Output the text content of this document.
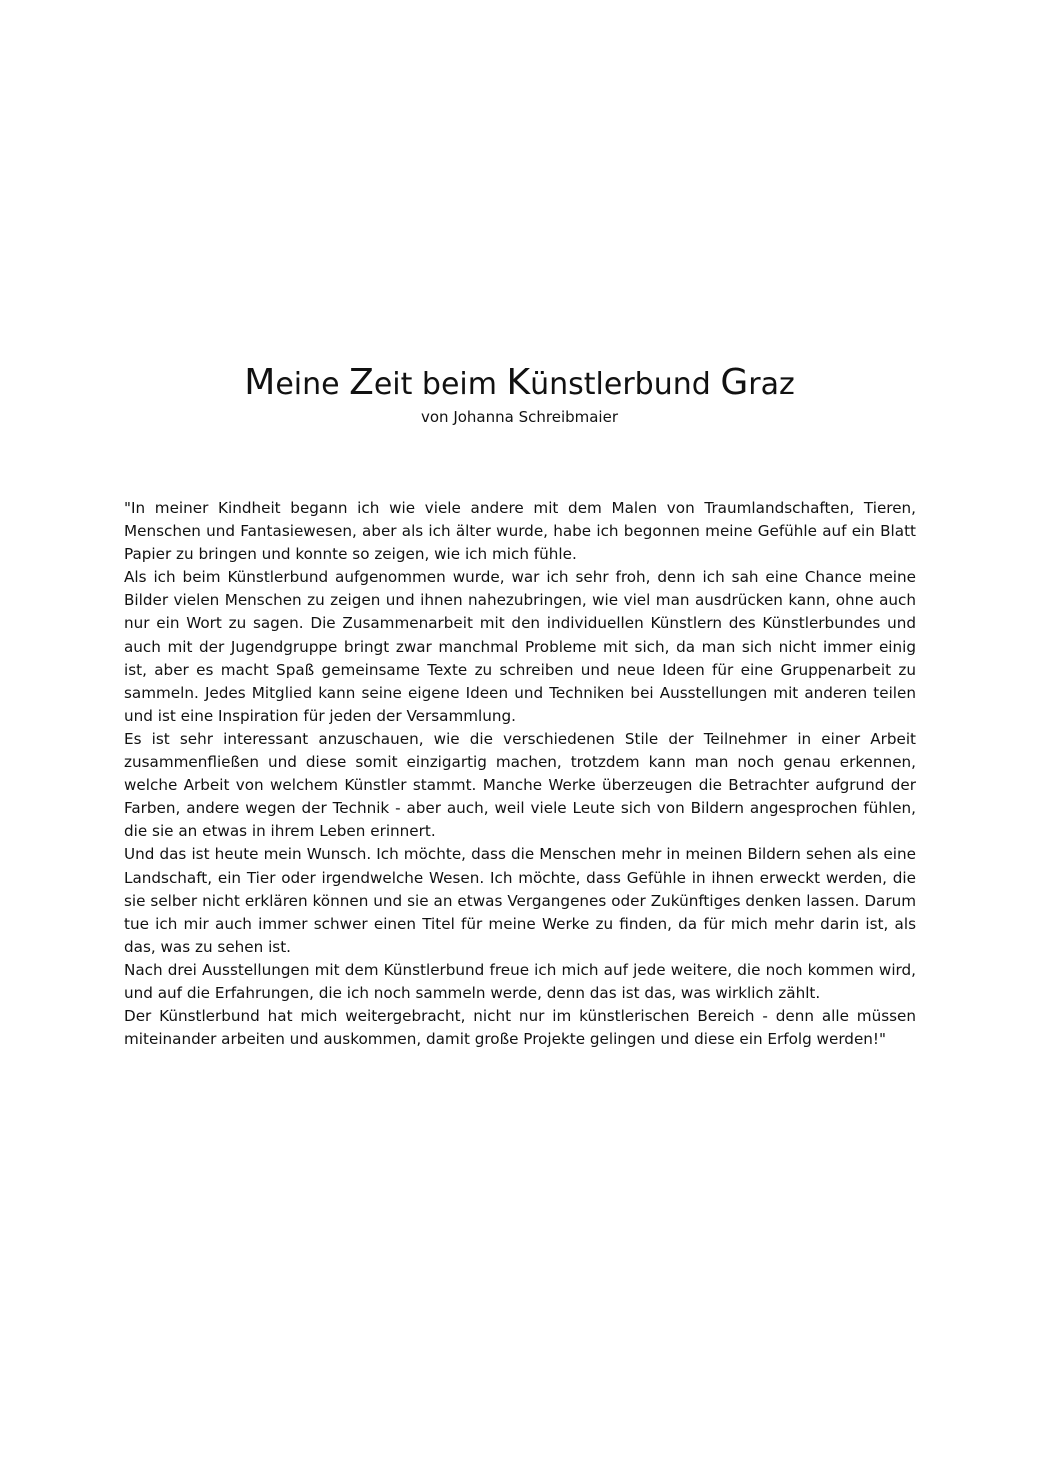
Meine Zeit beim Künstlerbund Graz
von Johanna Schreibmaier

"In meiner Kindheit begann ich wie viele andere mit dem Malen von Traumlandschaften, Tieren, Menschen und Fantasiewesen, aber als ich älter wurde, habe ich begonnen meine Gefühle auf ein Blatt Papier zu bringen und konnte so zeigen, wie ich mich fühle.

Als ich beim Künstlerbund aufgenommen wurde, war ich sehr froh, denn ich sah eine Chance meine Bilder vielen Menschen zu zeigen und ihnen nahezubringen, wie viel man ausdrücken kann, ohne auch nur ein Wort zu sagen. Die Zusammenarbeit mit den individuellen Künstlern des Künstlerbundes und auch mit der Jugendgruppe bringt zwar manchmal Probleme mit sich, da man sich nicht immer einig ist, aber es macht Spaß gemeinsame Texte zu schreiben und neue Ideen für eine Gruppenarbeit zu sammeln. Jedes Mitglied kann seine eigene Ideen und Techniken bei Ausstellungen mit anderen teilen und ist eine Inspiration für jeden der Versammlung.

Es ist sehr interessant anzuschauen, wie die verschiedenen Stile der Teilnehmer in einer Arbeit zusammenfließen und diese somit einzigartig machen, trotzdem kann man noch genau erkennen, welche Arbeit von welchem Künstler stammt. Manche Werke überzeugen die Betrachter aufgrund der Farben, andere wegen der Technik - aber auch, weil viele Leute sich von Bildern angesprochen fühlen, die sie an etwas in ihrem Leben erinnert.

Und das ist heute mein Wunsch. Ich möchte, dass die Menschen mehr in meinen Bildern sehen als eine Landschaft, ein Tier oder irgendwelche Wesen. Ich möchte, dass Gefühle in ihnen erweckt werden, die sie selber nicht erklären können und sie an etwas Vergangenes oder Zukünftiges denken lassen. Darum tue ich mir auch immer schwer einen Titel für meine Werke zu finden, da für mich mehr darin ist, als das, was zu sehen ist.

Nach drei Ausstellungen mit dem Künstlerbund freue ich mich auf jede weitere, die noch kommen wird, und auf die Erfahrungen, die ich noch sammeln werde, denn das ist das, was wirklich zählt.

Der Künstlerbund hat mich weitergebracht, nicht nur im künstlerischen Bereich - denn alle müssen miteinander arbeiten und auskommen, damit große Projekte gelingen und diese ein Erfolg werden!"
